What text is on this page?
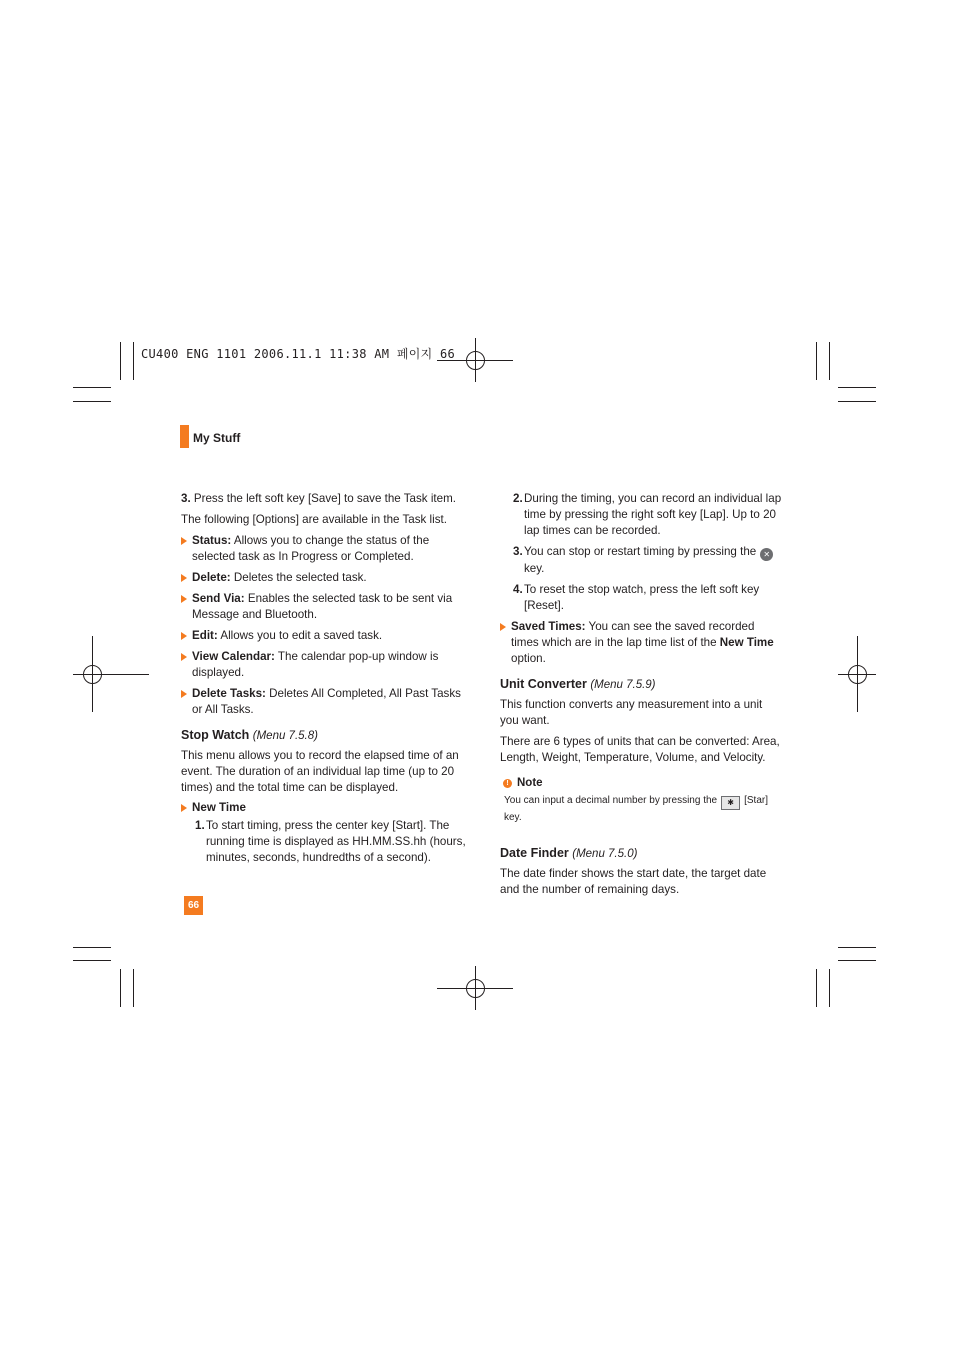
CU400 ENG 1101 2006.11.1 11:38 AM 페이지 66
My Stuff

3. Press the left soft key [Save] to save the Task item.

The following [Options] are available in the Task list.

Status: Allows you to change the status of the selected task as In Progress or Completed.
Delete: Deletes the selected task.
Send Via: Enables the selected task to be sent via Message and Bluetooth.
Edit: Allows you to edit a saved task.
View Calendar: The calendar pop-up window is displayed.
Delete Tasks: Deletes All Completed, All Past Tasks or All Tasks.

Stop Watch (Menu 7.5.8)

This menu allows you to record the elapsed time of an event. The duration of an individual lap time (up to 20 times) and the total time can be displayed.

New Time
1. To start timing, press the center key [Start]. The running time is displayed as HH.MM.SS.hh (hours, minutes, seconds, hundredths of a second).
2. During the timing, you can record an individual lap time by pressing the right soft key [Lap]. Up to 20 lap times can be recorded.
3. You can stop or restart timing by pressing the ✕ key.
4. To reset the stop watch, press the left soft key [Reset].
Saved Times: You can see the saved recorded times which are in the lap time list of the New Time option.

Unit Converter (Menu 7.5.9)

This function converts any measurement into a unit you want.

There are 6 types of units that can be converted: Area, Length, Weight, Temperature, Volume, and Velocity.

! Note

You can input a decimal number by pressing the ✱ [Star] key.

Date Finder (Menu 7.5.0)

The date finder shows the start date, the target date and the number of remaining days.

66
